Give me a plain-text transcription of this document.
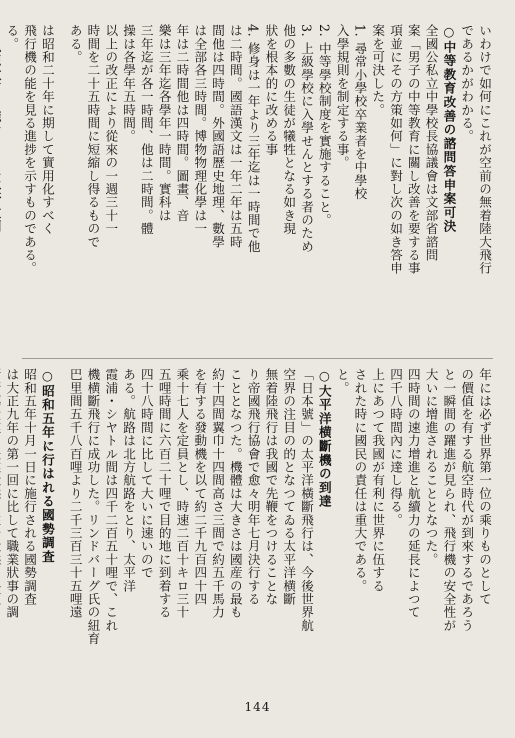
いわけで如何にこれが空前の無着陸大飛行
であるかがわかる。
○中等教育改善の諮問答申案可決
全國公私立中學校長協議會は文部省諮問
案「男子の中等教育に關し改善を要する事
項並にその方策如何」に對し次の如き答申
案を可決した。
1. 尋常小學校卒業者を中學校
入學規則を制定する事。
2. 中等學校制度を實施すること。
3. 上級學校に入學せんとする者のため
他の多數の生徒が犧牲となる如き現
狀を根本的に改める事
4. 修身は一年より三年迄は一時間で他
は二時間。國語漢文は一年二年は五時
間他は四時間。外國語歷史地理、數學
は全部各三時間。博物物理化學は一
年は二時間他は四時間。圖畫、音
樂は三年迄各學年一時間。實科は
三年迄が各一時間、他は二時間。體
操は各學年五時間。
以上の改正により從來の一週三十一
時間を二十五時間に短縮し得るもので
ある。
は昭和二十年に期して實用化すべく
飛行機の能を見る進捗を示すものである。
る。
年には必ず世界第一位の乘りものとして
の價值を有する航空時代が到來するであろう
と一瞬間の躍進が見られ、飛行機の安全性が
大いに增進されることとなつた。
四時間の速力增進と航續力の延長によつて
四千八時間內に達し得る。
上にあつて我國が有利に世界に伍する
された時に國民の責任は重大である。
と。
○大平洋横斷機の到達
「日本號」の太平洋橫斷飛行は、今後世界航
空界の注目の的となつてゐる太平洋横斷
無着陸飛行は我國で先鞭をつけることな
り帝國飛行協會で愈々明年七月決行する
こととなつた。機體は大きさは國産の最も
約十四間翼巾十四間高さ三間で約五千馬力
を有する發動機を以て約二千九百四十四
乘十七人を定員とし、時速二百十キロ三十
五哩時間に六百二十哩で目的地に到着する
四十八時間に比して大いに速いので
ある。航路は北方航路をとり、太平洋
霞浦・シヤトル間は四千二百五十哩で、これ
機横斷飛行に成功した。リンドバーグ氏の紐育
巴里間五千八百哩より二千三百三十五哩遠
○昭和五年に行はれる國勢調査
昭和五年十月一日に施行される國勢調査
は大正九年の第一回に比して職業狀事の調
144
